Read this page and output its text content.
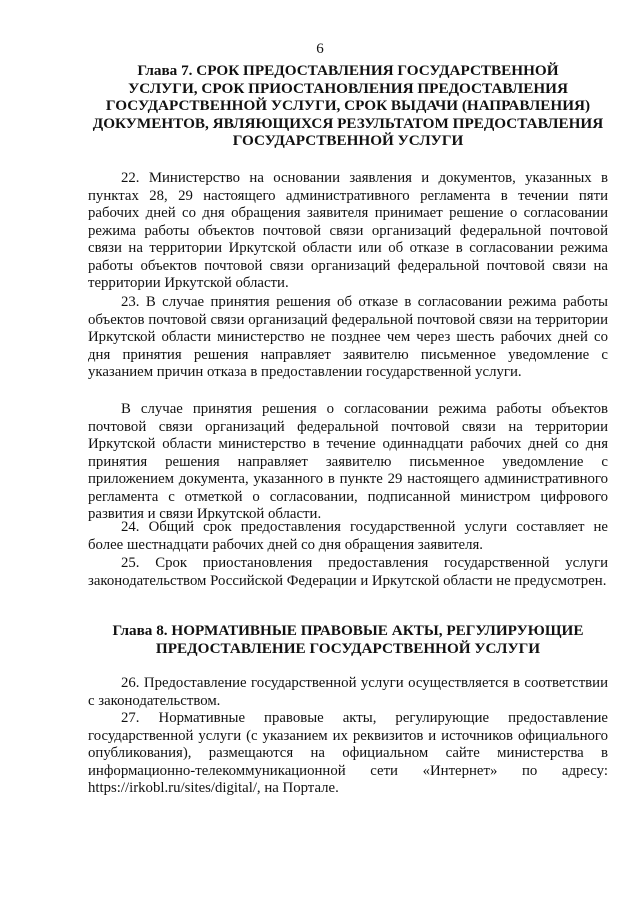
6
Глава 7. СРОК ПРЕДОСТАВЛЕНИЯ ГОСУДАРСТВЕННОЙ
УСЛУГИ, СРОК ПРИОСТАНОВЛЕНИЯ ПРЕДОСТАВЛЕНИЯ
ГОСУДАРСТВЕННОЙ УСЛУГИ, СРОК ВЫДАЧИ (НАПРАВЛЕНИЯ)
ДОКУМЕНТОВ, ЯВЛЯЮЩИХСЯ РЕЗУЛЬТАТОМ ПРЕДОСТАВЛЕНИЯ
ГОСУДАРСТВЕННОЙ УСЛУГИ

22. Министерство на основании заявления и документов, указанных в пунктах 28, 29 настоящего административного регламента в течении пяти рабочих дней со дня обращения заявителя принимает решение о согласовании режима работы объектов почтовой связи организаций федеральной почтовой связи на территории Иркутской области или об отказе в согласовании режима работы объектов почтовой связи организаций федеральной почтовой связи на территории Иркутской области.

23. В случае принятия решения об отказе в согласовании режима работы объектов почтовой связи организаций федеральной почтовой связи на территории Иркутской области министерство не позднее чем через шесть рабочих дней со дня принятия решения направляет заявителю письменное уведомление с указанием причин отказа в предоставлении государственной услуги.

В случае принятия решения о согласовании режима работы объектов почтовой связи организаций федеральной почтовой связи на территории Иркутской области министерство в течение одиннадцати рабочих дней со дня принятия решения направляет заявителю письменное уведомление с приложением документа, указанного в пункте 29 настоящего административного регламента с отметкой о согласовании, подписанной министром цифрового развития и связи Иркутской области.

24. Общий срок предоставления государственной услуги составляет не более шестнадцати рабочих дней со дня обращения заявителя.

25. Срок приостановления предоставления государственной услуги законодательством Российской Федерации и Иркутской области не предусмотрен.

Глава 8. НОРМАТИВНЫЕ ПРАВОВЫЕ АКТЫ, РЕГУЛИРУЮЩИЕ
ПРЕДОСТАВЛЕНИЕ ГОСУДАРСТВЕННОЙ УСЛУГИ

26. Предоставление государственной услуги осуществляется в соответствии с законодательством.

27. Нормативные правовые акты, регулирующие предоставление государственной услуги (с указанием их реквизитов и источников официального опубликования), размещаются на официальном сайте министерства в информационно-телекоммуникационной сети «Интернет» по адресу: https://irkobl.ru/sites/digital/, на Портале.
